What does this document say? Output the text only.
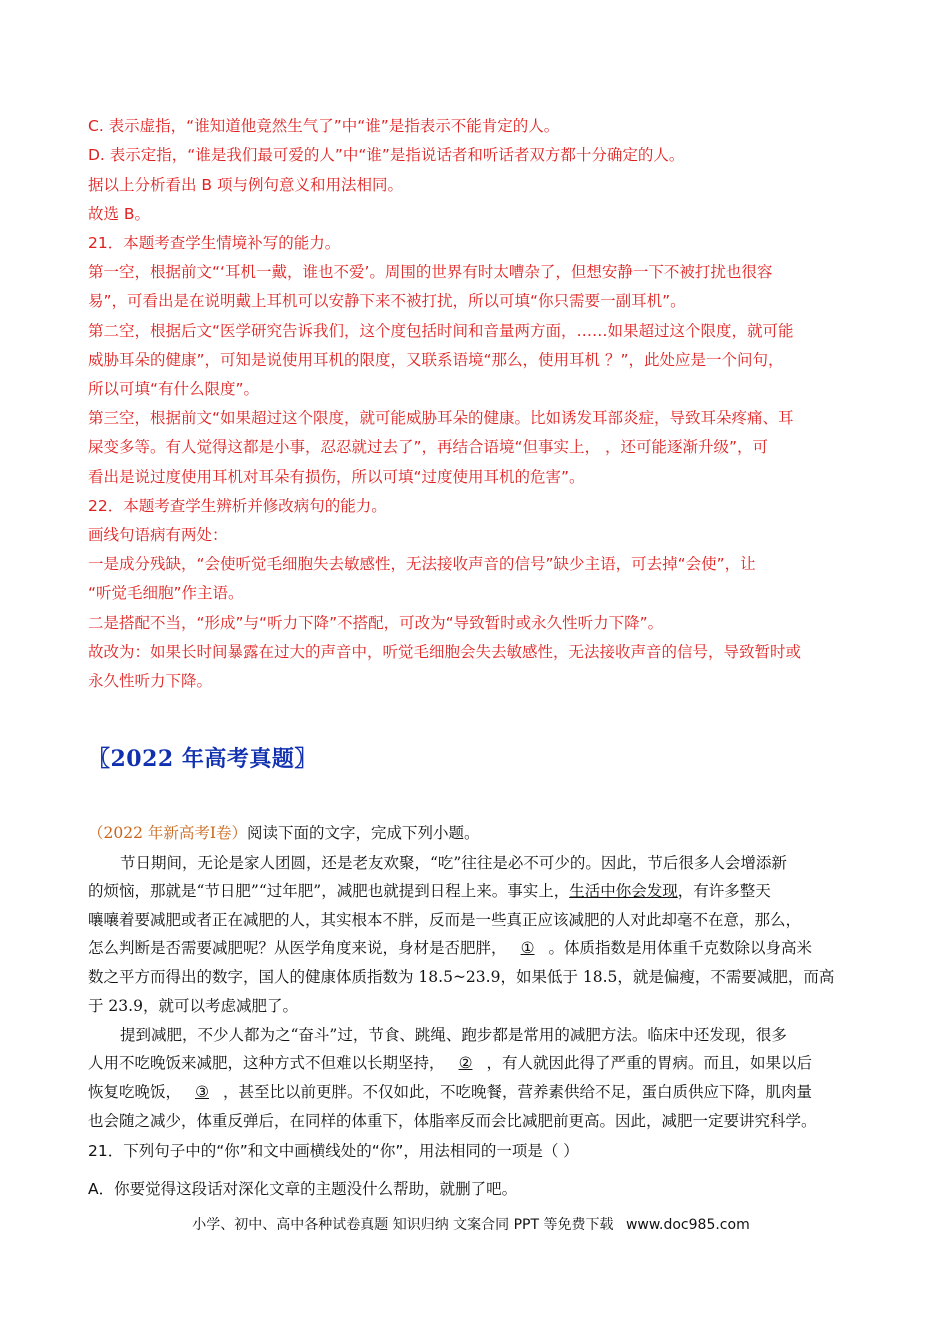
C. 表示虚指，“谁知道他竟然生气了”中“谁”是指表示不能肯定的人。
D. 表示定指，“谁是我们最可爱的人”中“谁”是指说话者和听话者双方都十分确定的人。
据以上分析看出 B 项与例句意义和用法相同。
故选 B。
21．本题考查学生情境补写的能力。
第一空，根据前文“‘耳机一戴，谁也不爱’。周围的世界有时太嘈杂了，但想安静一下不被打扰也很容
易”，可看出是在说明戴上耳机可以安静下来不被打扰，所以可填“你只需要一副耳机”。
第二空，根据后文“医学研究告诉我们，这个度包括时间和音量两方面，……如果超过这个限度，就可能
威胁耳朵的健康”，可知是说使用耳机的限度，又联系语境“那么，使用耳机 ？”，此处应是一个问句，
所以可填“有什么限度”。
第三空，根据前文“如果超过这个限度，就可能威胁耳朵的健康。比如诱发耳部炎症，导致耳朵疼痛、耳
屎变多等。有人觉得这都是小事，忍忍就过去了”，再结合语境“但事实上， ，还可能逐渐升级”，可
看出是说过度使用耳机对耳朵有损伤，所以可填“过度使用耳机的危害”。
22．本题考查学生辨析并修改病句的能力。
画线句语病有两处：
一是成分残缺，“会使听觉毛细胞失去敏感性，无法接收声音的信号”缺少主语，可去掉“会使”，让
“听觉毛细胞”作主语。
二是搭配不当，“形成”与“听力下降”不搭配，可改为“导致暂时或永久性听力下降”。
故改为：如果长时间暴露在过大的声音中，听觉毛细胞会失去敏感性，无法接收声音的信号，导致暂时或
永久性听力下降。
〖2022 年高考真题〗
（2022 年新高考Ⅰ卷）阅读下面的文字，完成下列小题。
节日期间，无论是家人团圆，还是老友欢聚，“吃”往往是必不可少的。因此，节后很多人会增添新
的烦恼，那就是“节日肥”“过年肥”，减肥也就提到日程上来。事实上，生活中你会发现，有许多整天
嚷嚷着要减肥或者正在减肥的人，其实根本不胖，反而是一些真正应该减肥的人对此却毫不在意，那么，
怎么判断是否需要减肥呢？从医学角度来说，身材是否肥胖， ① 。体质指数是用体重千克数除以身高米
数之平方而得出的数字，国人的健康体质指数为 18.5~23.9，如果低于 18.5，就是偏瘦，不需要减肥，而高
于 23.9，就可以考虑减肥了。
提到减肥，不少人都为之“奋斗”过，节食、跳绳、跑步都是常用的减肥方法。临床中还发现，很多
人用不吃晚饭来减肥，这种方式不但难以长期坚持， ② ，有人就因此得了严重的胃病。而且，如果以后
恢复吃晚饭， ③ ，甚至比以前更胖。不仅如此，不吃晚餐，营养素供给不足，蛋白质供应下降，肌肉量
也会随之减少，体重反弹后，在同样的体重下，体脂率反而会比减肥前更高。因此，减肥一定要讲究科学。
21．下列句子中的“你”和文中画横线处的“你”，用法相同的一项是（ ）
A．你要觉得这段话对深化文章的主题没什么帮助，就删了吧。
小学、初中、高中各种试卷真题 知识归纳 文案合同 PPT 等免费下载 www.doc985.com
